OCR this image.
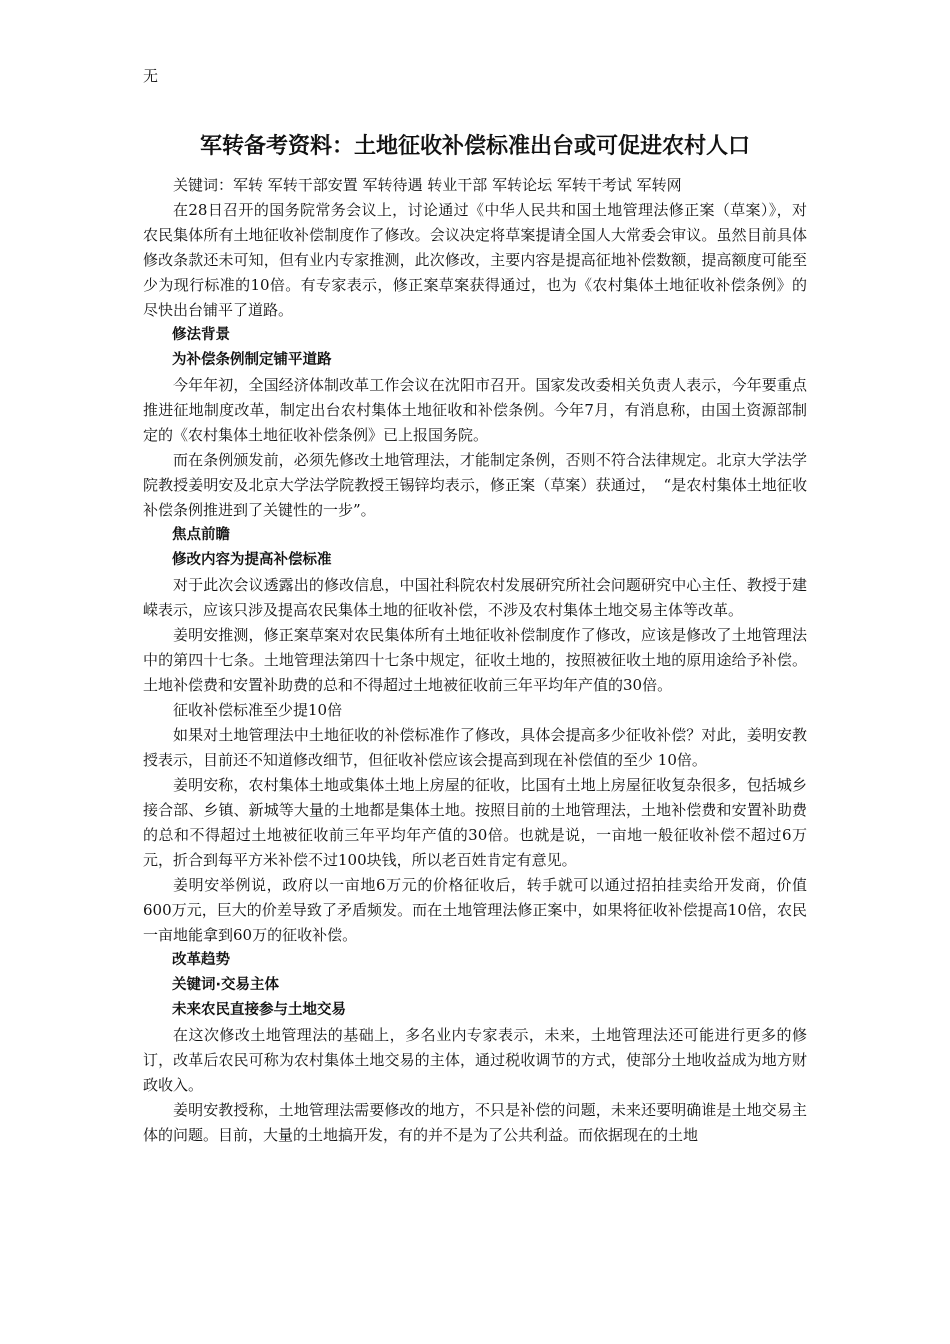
无
军转备考资料：土地征收补偿标准出台或可促进农村人口

关键词：军转 军转干部安置 军转待遇 转业干部 军转论坛 军转干考试 军转网

在28日召开的国务院常务会议上，讨论通过《中华人民共和国土地管理法修正案（草案）》，对农民集体所有土地征收补偿制度作了修改。会议决定将草案提请全国人大常委会审议。虽然目前具体修改条款还未可知，但有业内专家推测，此次修改，主要内容是提高征地补偿数额，提高额度可能至少为现行标准的10倍。有专家表示，修正案草案获得通过，也为《农村集体土地征收补偿条例》的尽快出台铺平了道路。

修法背景

为补偿条例制定铺平道路

今年年初，全国经济体制改革工作会议在沈阳市召开。国家发改委相关负责人表示，今年要重点推进征地制度改革，制定出台农村集体土地征收和补偿条例。今年7月，有消息称，由国土资源部制定的《农村集体土地征收补偿条例》已上报国务院。

而在条例颁发前，必须先修改土地管理法，才能制定条例，否则不符合法律规定。北京大学法学院教授姜明安及北京大学法学院教授王锡锌均表示，修正案（草案）获通过，　“是农村集体土地征收补偿条例推进到了关键性的一步”。

焦点前瞻

修改内容为提高补偿标准

对于此次会议透露出的修改信息，中国社科院农村发展研究所社会问题研究中心主任、教授于建嵘表示，应该只涉及提高农民集体土地的征收补偿，不涉及农村集体土地交易主体等改革。

姜明安推测，修正案草案对农民集体所有土地征收补偿制度作了修改，应该是修改了土地管理法中的第四十七条。土地管理法第四十七条中规定，征收土地的，按照被征收土地的原用途给予补偿。土地补偿费和安置补助费的总和不得超过土地被征收前三年平均年产值的30倍。

征收补偿标准至少提10倍

如果对土地管理法中土地征收的补偿标准作了修改，具体会提高多少征收补偿？对此，姜明安教授表示，目前还不知道修改细节，但征收补偿应该会提高到现在补偿值的至少 10倍。

姜明安称，农村集体土地或集体土地上房屋的征收，比国有土地上房屋征收复杂很多，包括城乡接合部、乡镇、新城等大量的土地都是集体土地。按照目前的土地管理法，土地补偿费和安置补助费的总和不得超过土地被征收前三年平均年产值的30倍。也就是说，一亩地一般征收补偿不超过6万元，折合到每平方米补偿不过100块钱，所以老百姓肯定有意见。

姜明安举例说，政府以一亩地6万元的价格征收后，转手就可以通过招拍挂卖给开发商，价值600万元，巨大的价差导致了矛盾频发。而在土地管理法修正案中，如果将征收补偿提高10倍，农民一亩地能拿到60万的征收补偿。

改革趋势

关键词·交易主体

未来农民直接参与土地交易

在这次修改土地管理法的基础上，多名业内专家表示，未来，土地管理法还可能进行更多的修订，改革后农民可称为农村集体土地交易的主体，通过税收调节的方式，使部分土地收益成为地方财政收入。

姜明安教授称，土地管理法需要修改的地方，不只是补偿的问题，未来还要明确谁是土地交易主体的问题。目前，大量的土地搞开发，有的并不是为了公共利益。而依据现在的土地
